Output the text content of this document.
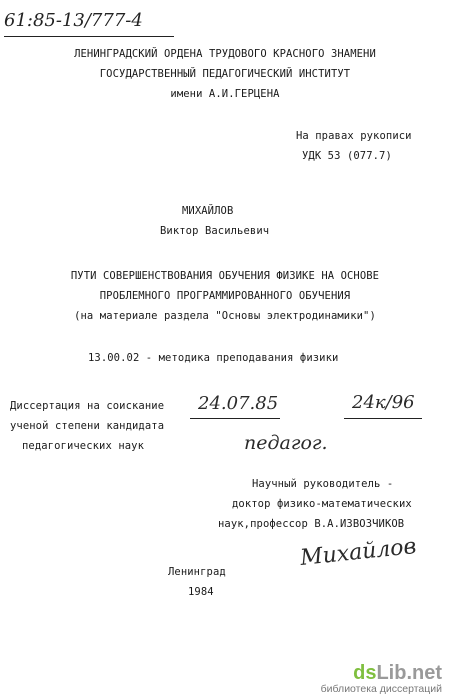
61:85-13/777-4
ЛЕНИНГРАДСКИЙ ОРДЕНА ТРУДОВОГО КРАСНОГО ЗНАМЕНИ
ГОСУДАРСТВЕННЫЙ ПЕДАГОГИЧЕСКИЙ ИНСТИТУТ
имени А.И.ГЕРЦЕНА
На правах рукописи
УДК 53 (077.7)
МИХАЙЛОВ
Виктор Васильевич
ПУТИ СОВЕРШЕНСТВОВАНИЯ ОБУЧЕНИЯ ФИЗИКЕ НА ОСНОВЕ
ПРОБЛЕМНОГО ПРОГРАММИРОВАННОГО ОБУЧЕНИЯ
(на материале раздела "Основы электродинамики")
13.00.02 - методика преподавания физики
Диссертация на соискание
ученой степени кандидата
педагогических наук
24.07.85	24к/96
педагог.
Научный руководитель -
доктор физико-математических
наук,профессор В.А.ИЗВОЗЧИКОВ
Михайлов
Ленинград
1984
dsLib.net
библиотека диссертаций
